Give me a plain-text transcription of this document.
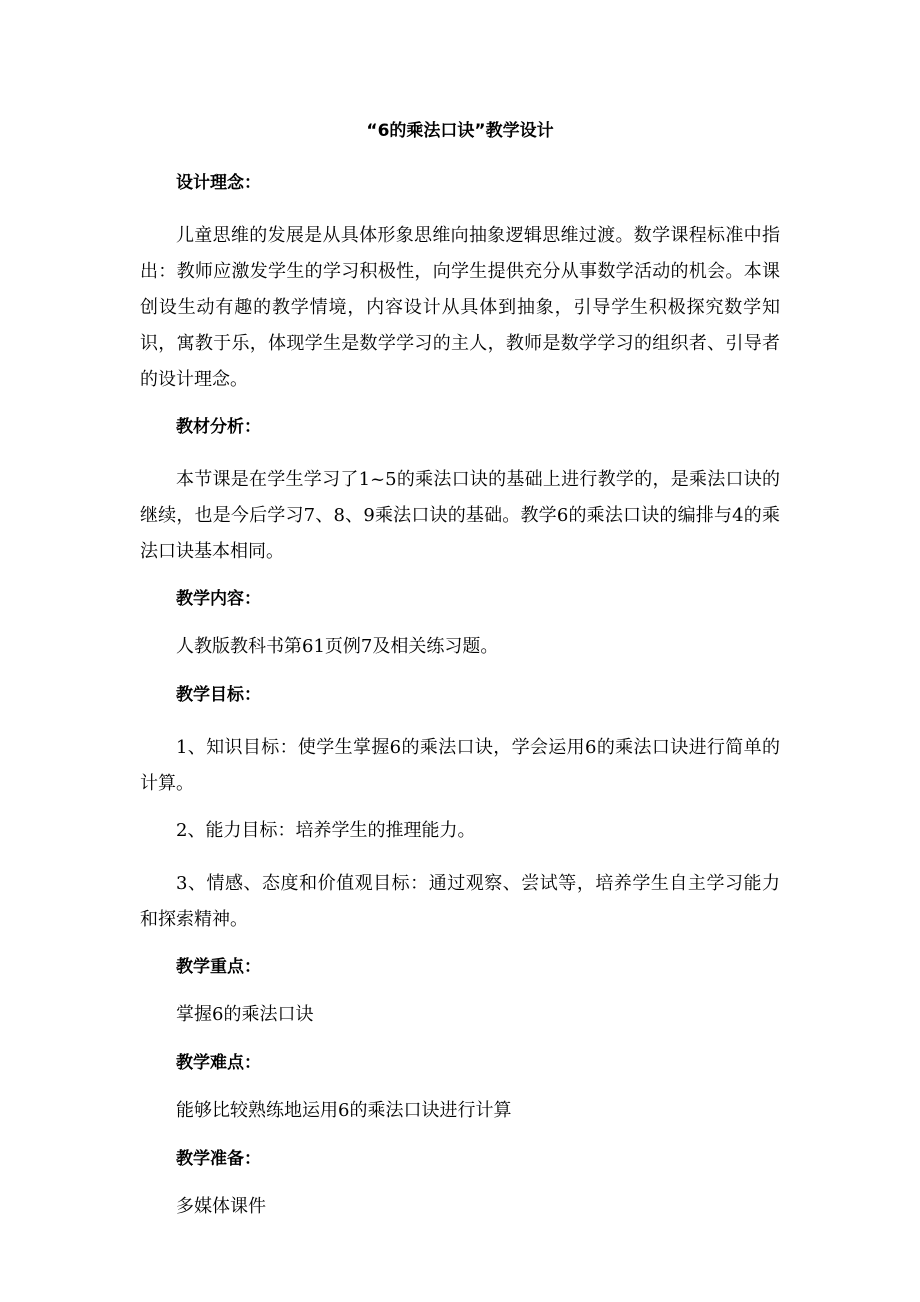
“6的乘法口诀”教学设计
设计理念：
儿童思维的发展是从具体形象思维向抽象逻辑思维过渡。数学课程标准中指出：教师应激发学生的学习积极性，向学生提供充分从事数学活动的机会。本课创设生动有趣的教学情境，内容设计从具体到抽象，引导学生积极探究数学知识，寓教于乐，体现学生是数学学习的主人，教师是数学学习的组织者、引导者的设计理念。
教材分析：
本节课是在学生学习了1~5的乘法口诀的基础上进行教学的，是乘法口诀的继续，也是今后学习7、8、9乘法口诀的基础。教学6的乘法口诀的编排与4的乘法口诀基本相同。
教学内容：
人教版教科书第61页例7及相关练习题。
教学目标：
1、知识目标：使学生掌握6的乘法口诀，学会运用6的乘法口诀进行简单的计算。
2、能力目标：培养学生的推理能力。
3、情感、态度和价值观目标：通过观察、尝试等，培养学生自主学习能力和探索精神。
教学重点：
掌握6的乘法口诀
教学难点：
能够比较熟练地运用6的乘法口诀进行计算
教学准备：
多媒体课件
